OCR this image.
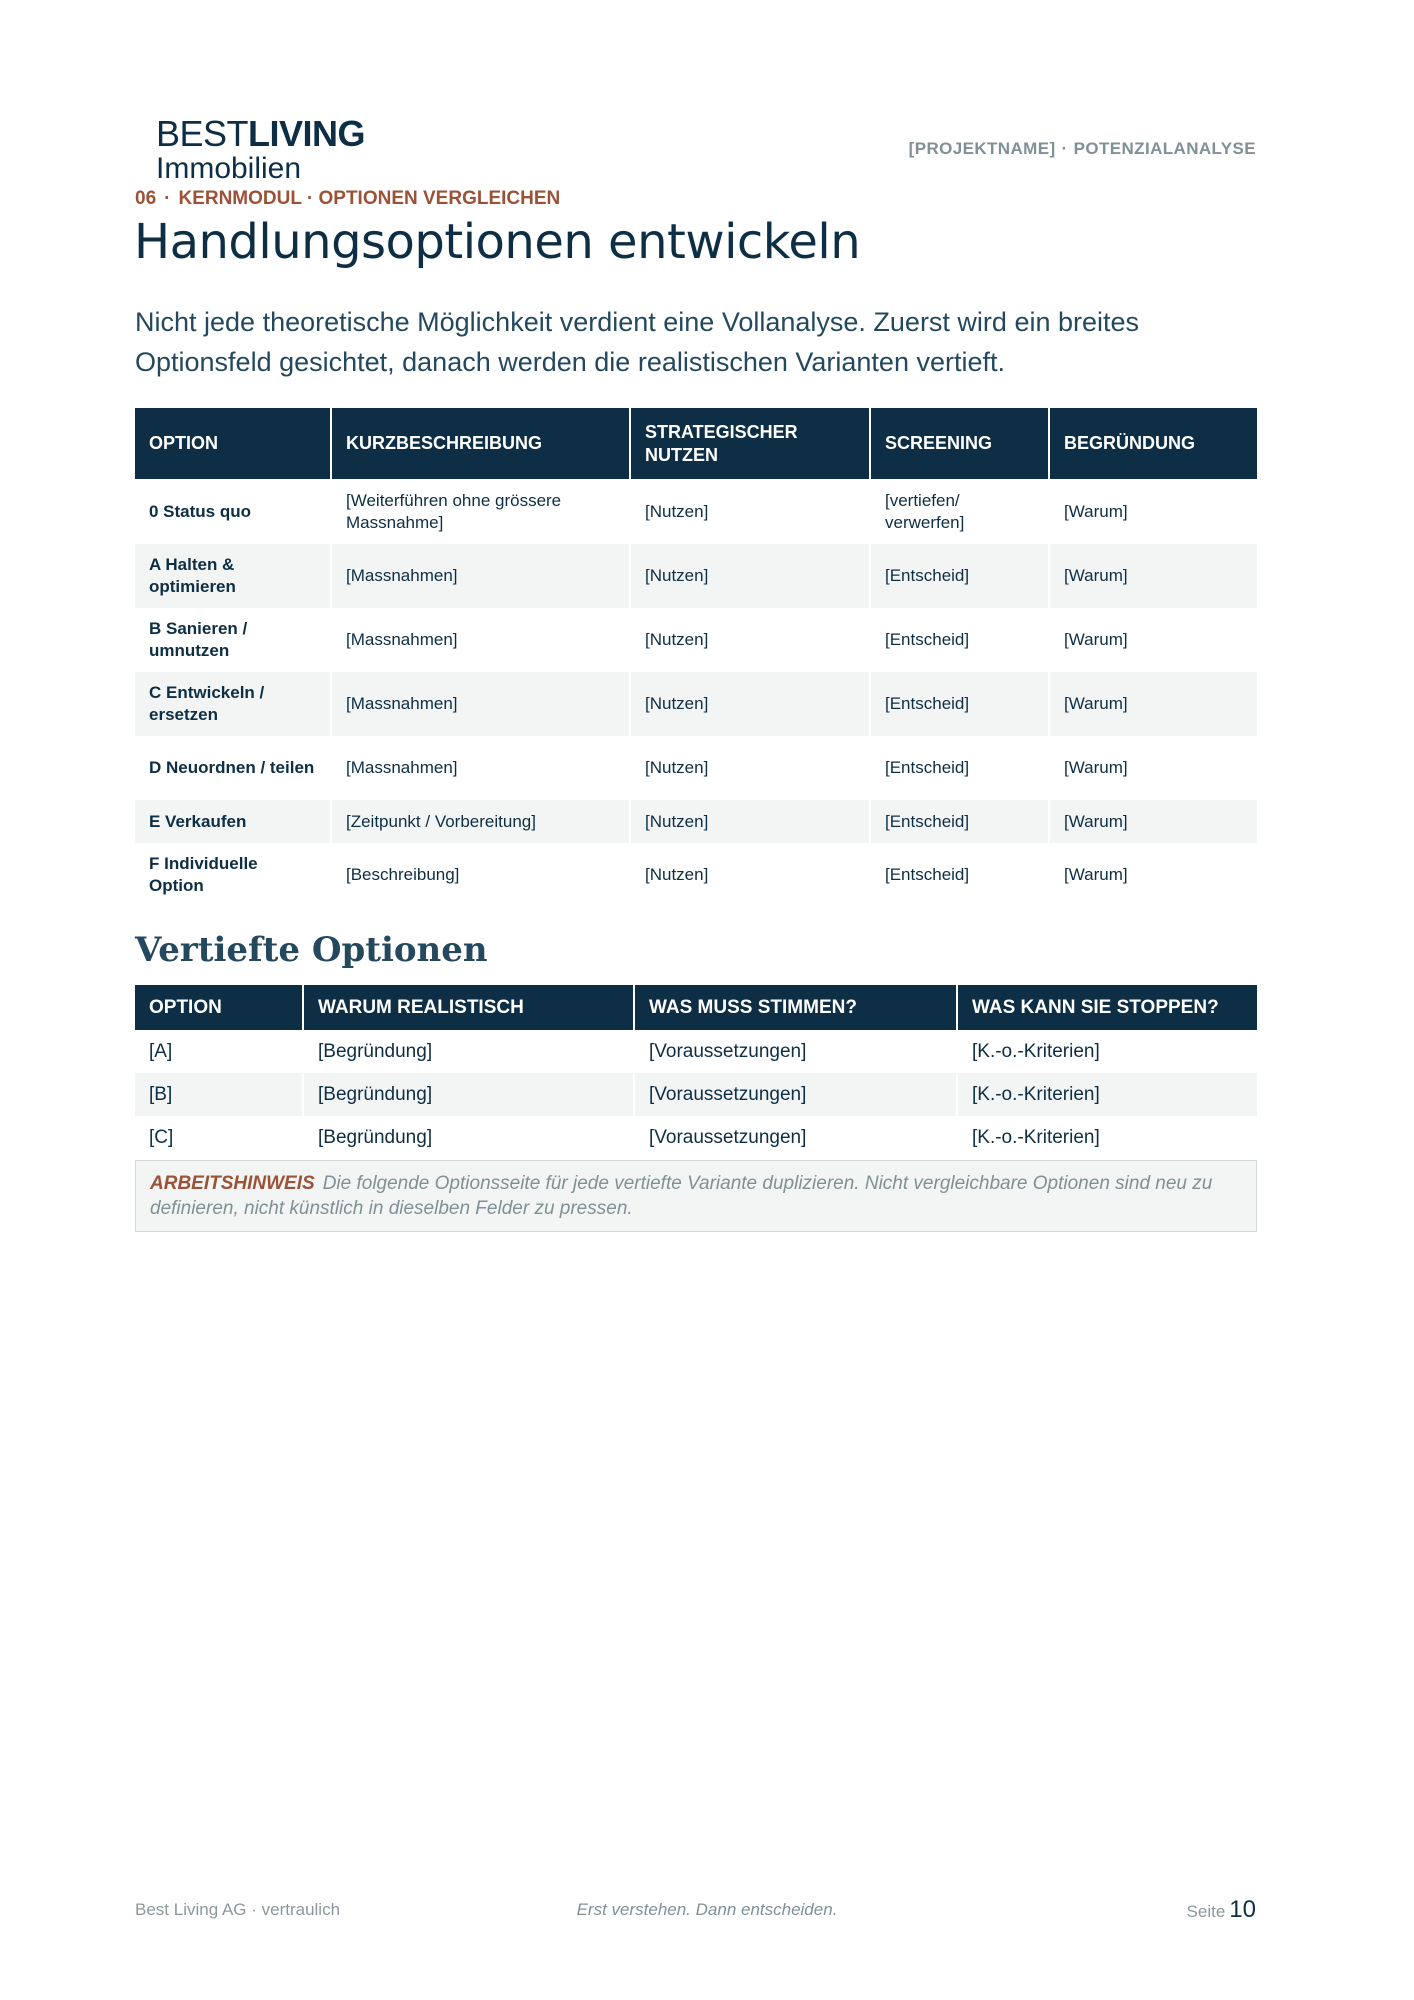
BESTLIVING
Immobilien
[PROJEKTNAME] · POTENZIALANALYSE
06 · KERNMODUL · OPTIONEN VERGLEICHEN
Handlungsoptionen entwickeln

Nicht jede theoretische Möglichkeit verdient eine Vollanalyse. Zuerst wird ein breites Optionsfeld gesichtet, danach werden die realistischen Varianten vertieft.

OPTION	KURZBESCHREIBUNG	STRATEGISCHER NUTZEN	SCREENING	BEGRÜNDUNG
0 Status quo	[Weiterführen ohne grössere Massnahme]	[Nutzen]	[vertiefen/ verwerfen]	[Warum]
A Halten & optimieren	[Massnahmen]	[Nutzen]	[Entscheid]	[Warum]
B Sanieren / umnutzen	[Massnahmen]	[Nutzen]	[Entscheid]	[Warum]
C Entwickeln / ersetzen	[Massnahmen]	[Nutzen]	[Entscheid]	[Warum]
D Neuordnen / teilen	[Massnahmen]	[Nutzen]	[Entscheid]	[Warum]
E Verkaufen	[Zeitpunkt / Vorbereitung]	[Nutzen]	[Entscheid]	[Warum]
F Individuelle Option	[Beschreibung]	[Nutzen]	[Entscheid]	[Warum]
Vertiefte Optionen
OPTION	WARUM REALISTISCH	WAS MUSS STIMMEN?	WAS KANN SIE STOPPEN?
[A]	[Begründung]	[Voraussetzungen]	[K.-o.-Kriterien]
[B]	[Begründung]	[Voraussetzungen]	[K.-o.-Kriterien]
[C]	[Begründung]	[Voraussetzungen]	[K.-o.-Kriterien]
ARBEITSHINWEIS Die folgende Optionsseite für jede vertiefte Variante duplizieren. Nicht vergleichbare Optionen sind neu zu definieren, nicht künstlich in dieselben Felder zu pressen.
Best Living AG · vertraulich	Erst verstehen. Dann entscheiden.	Seite 10
